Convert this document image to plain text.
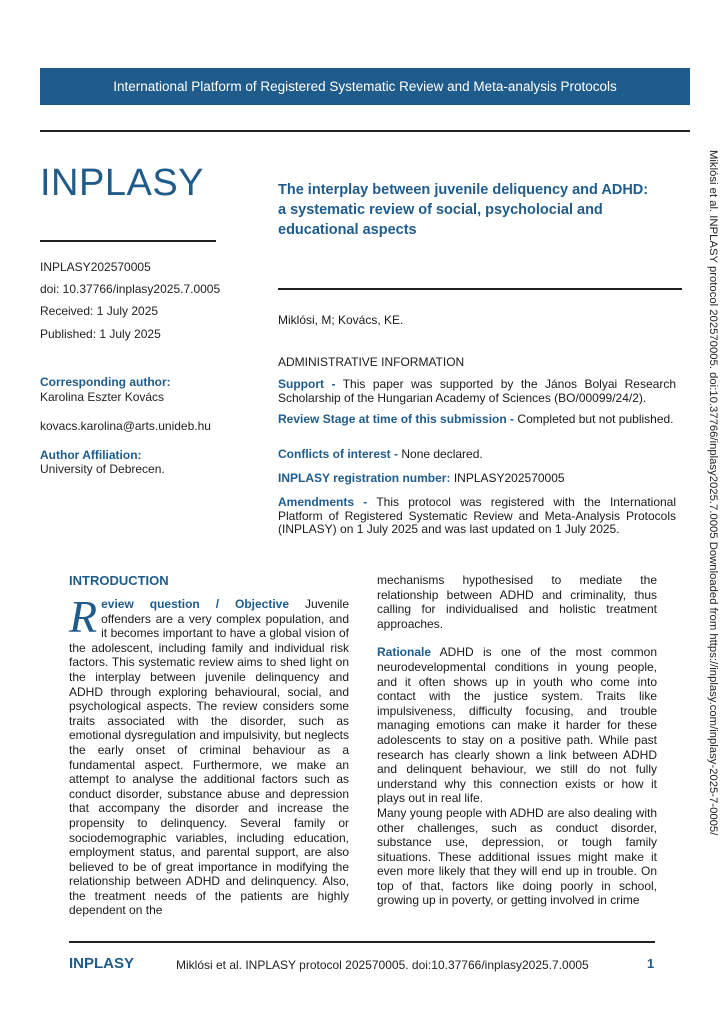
International Platform of Registered Systematic Review and Meta-analysis Protocols
Miklósi et al. INPLASY protocol 202570005. doi:10.37766/inplasy2025.7.0005 Downloaded from https://inplasy.com/inplasy-2025-7-0005/
INPLASY
INPLASY202570005
doi: 10.37766/inplasy2025.7.0005
Received: 1 July 2025
Published: 1 July 2025
Corresponding author:
Karolina Eszter Kovács
kovacs.karolina@arts.unideb.hu
Author Affiliation:
University of Debrecen.
The interplay between juvenile deliquency and ADHD: a systematic review of social, psycholocial and educational aspects
Miklósi, M; Kovács, KE.
ADMINISTRATIVE INFORMATION
Support - This paper was supported by the János Bolyai Research Scholarship of the Hungarian Academy of Sciences (BO/00099/24/2).
Review Stage at time of this submission - Completed but not published.
Conflicts of interest - None declared.
INPLASY registration number: INPLASY202570005
Amendments - This protocol was registered with the International Platform of Registered Systematic Review and Meta-Analysis Protocols (INPLASY) on 1 July 2025 and was last updated on 1 July 2025.
INTRODUCTION

Review question / Objective Juvenile offenders are a very complex population, and it becomes important to have a global vision of the adolescent, including family and individual risk factors. This systematic review aims to shed light on the interplay between juvenile delinquency and ADHD through exploring behavioural, social, and psychological aspects. The review considers some traits associated with the disorder, such as emotional dysregulation and impulsivity, but neglects the early onset of criminal behaviour as a fundamental aspect. Furthermore, we make an attempt to analyse the additional factors such as conduct disorder, substance abuse and depression that accompany the disorder and increase the propensity to delinquency. Several family or sociodemographic variables, including education, employment status, and parental support, are also believed to be of great importance in modifying the relationship between ADHD and delinquency. Also, the treatment needs of the patients are highly dependent on the

mechanisms hypothesised to mediate the relationship between ADHD and criminality, thus calling for individualised and holistic treatment approaches.

Rationale ADHD is one of the most common neurodevelopmental conditions in young people, and it often shows up in youth who come into contact with the justice system. Traits like impulsiveness, difficulty focusing, and trouble managing emotions can make it harder for these adolescents to stay on a positive path. While past research has clearly shown a link between ADHD and delinquent behaviour, we still do not fully understand why this connection exists or how it plays out in real life.

Many young people with ADHD are also dealing with other challenges, such as conduct disorder, substance use, depression, or tough family situations. These additional issues might make it even more likely that they will end up in trouble. On top of that, factors like doing poorly in school, growing up in poverty, or getting involved in crime

INPLASY	Miklósi et al. INPLASY protocol 202570005. doi:10.37766/inplasy2025.7.0005	1
